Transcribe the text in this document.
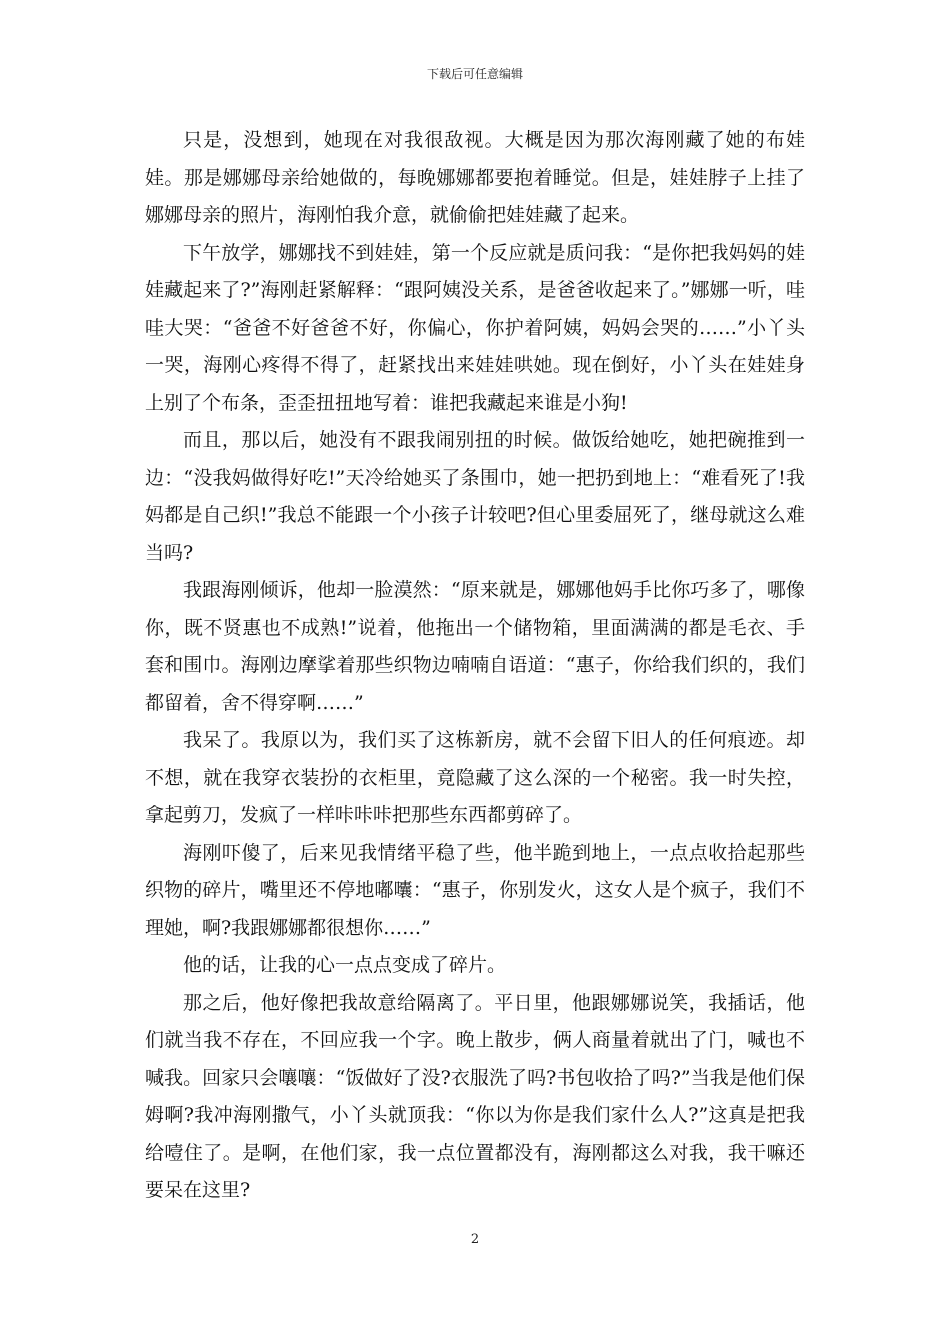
下载后可任意编辑

只是，没想到，她现在对我很敌视。大概是因为那次海刚藏了她的布娃娃。那是娜娜母亲给她做的，每晚娜娜都要抱着睡觉。但是，娃娃脖子上挂了娜娜母亲的照片，海刚怕我介意，就偷偷把娃娃藏了起来。

下午放学，娜娜找不到娃娃，第一个反应就是质问我：“是你把我妈妈的娃娃藏起来了?”海刚赶紧解释：“跟阿姨没关系，是爸爸收起来了。”娜娜一听，哇哇大哭：“爸爸不好爸爸不好，你偏心，你护着阿姨，妈妈会哭的……”小丫头一哭，海刚心疼得不得了，赶紧找出来娃娃哄她。现在倒好，小丫头在娃娃身上别了个布条，歪歪扭扭地写着：谁把我藏起来谁是小狗!

而且，那以后，她没有不跟我闹别扭的时候。做饭给她吃，她把碗推到一边：“没我妈做得好吃!”天冷给她买了条围巾，她一把扔到地上：“难看死了!我妈都是自己织!”我总不能跟一个小孩子计较吧?但心里委屈死了，继母就这么难当吗?

我跟海刚倾诉，他却一脸漠然：“原来就是，娜娜他妈手比你巧多了，哪像你，既不贤惠也不成熟!”说着，他拖出一个储物箱，里面满满的都是毛衣、手套和围巾。海刚边摩挲着那些织物边喃喃自语道：“惠子，你给我们织的，我们都留着，舍不得穿啊……”

我呆了。我原以为，我们买了这栋新房，就不会留下旧人的任何痕迹。却不想，就在我穿衣装扮的衣柜里，竟隐藏了这么深的一个秘密。我一时失控，拿起剪刀，发疯了一样咔咔咔把那些东西都剪碎了。

海刚吓傻了，后来见我情绪平稳了些，他半跪到地上，一点点收拾起那些织物的碎片，嘴里还不停地嘟囔：“惠子，你别发火，这女人是个疯子，我们不理她，啊?我跟娜娜都很想你……”

他的话，让我的心一点点变成了碎片。

那之后，他好像把我故意给隔离了。平日里，他跟娜娜说笑，我插话，他们就当我不存在，不回应我一个字。晚上散步，俩人商量着就出了门，喊也不喊我。回家只会嚷嚷：“饭做好了没?衣服洗了吗?书包收拾了吗?”当我是他们保姆啊?我冲海刚撒气，小丫头就顶我：“你以为你是我们家什么人?”这真是把我给噎住了。是啊，在他们家，我一点位置都没有，海刚都这么对我，我干嘛还要呆在这里?

2
